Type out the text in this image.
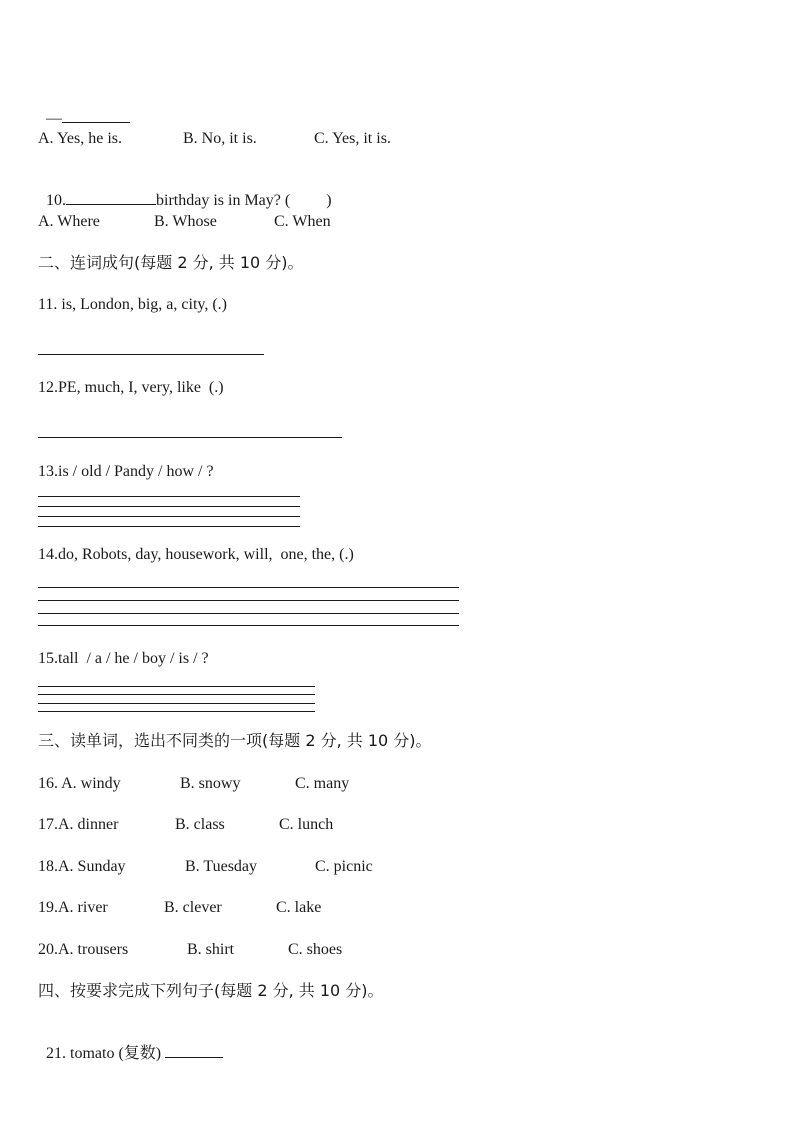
—

A. Yes, he is.	B. No, it is.	C. Yes, it is.

10.	birthday is in May? ( )

A. Where	B. Whose	C. When
二、连词成句(每题 2 分, 共 10 分)。
11. is, London, big, a, city, (.)
12.PE, much, I, very, like  (.)
13.is / old / Pandy / how / ?
14.do, Robots, day, housework, will,  one, the, (.)
15.tall  / a / he / boy / is / ?
三、读单词，选出不同类的一项(每题 2 分, 共 10 分)。
16. A. windy	B. snowy	C. many
17.A. dinner	B. class	C. lunch
18.A. Sunday	B. Tuesday	C. picnic
19.A. river	B. clever	C. lake
20.A. trousers	B. shirt	C. shoes
四、按要求完成下列句子(每题 2 分, 共 10 分)。

21. tomato (复数)
